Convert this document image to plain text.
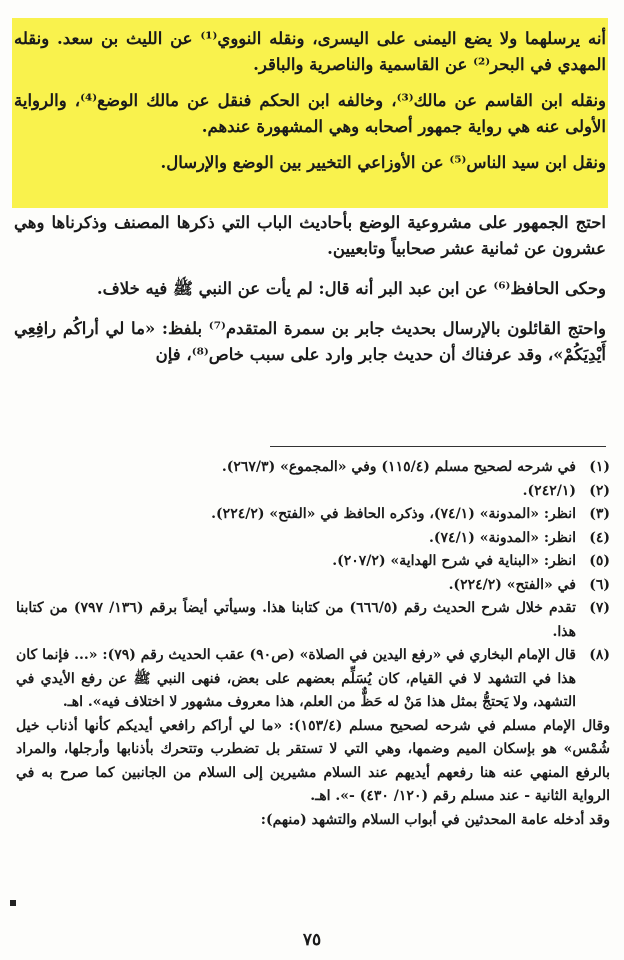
أنه يرسلهما ولا يضع اليمنى على اليسرى، ونقله النووي⁽¹⁾ عن الليث بن سعد. ونقله المهدي في البحر⁽²⁾ عن القاسمية والناصرية والباقر.

ونقله ابن القاسم عن مالك⁽³⁾، وخالفه ابن الحكم فنقل عن مالك الوضع⁽⁴⁾، والرواية الأولى عنه هي رواية جمهور أصحابه وهي المشهورة عندهم.

ونقل ابن سيد الناس⁽⁵⁾ عن الأوزاعي التخيير بين الوضع والإرسال.

احتج الجمهور على مشروعية الوضع بأحاديث الباب التي ذكرها المصنف وذكرناها وهي عشرون عن ثمانية عشر صحابياً وتابعيين.

وحكى الحافظ⁽⁶⁾ عن ابن عبد البر أنه قال: لم يأت عن النبي ﷺ فيه خلاف.

واحتج القائلون بالإرسال بحديث جابر بن سمرة المتقدم⁽⁷⁾ بلفظ: «ما لي أراكُم رافِعِي أَيْدِيَكُمْ»، وقد عرفناك أن حديث جابر وارد على سبب خاص⁽⁸⁾، فإن

(١)
في شرحه لصحيح مسلم (١١٥/٤) وفي «المجموع» (٢٦٧/٣).
(٢)
(٢٤٢/١).
(٣)
انظر: «المدونة» (٧٤/١)، وذكره الحافظ في «الفتح» (٢٢٤/٢).
(٤)
انظر: «المدونة» (٧٤/١).
(٥)
انظر: «البناية في شرح الهداية» (٢٠٧/٢).
(٦)
في «الفتح» (٢٢٤/٢).
(٧)
تقدم خلال شرح الحديث رقم (٦٦٦/٥) من كتابنا هذا. وسيأتي أيضاً برقم (١٣٦/ ٧٩٧) من كتابنا هذا.
(٨)
قال الإمام البخاري في «رفع اليدين في الصلاة» (ص٩٠) عقب الحديث رقم (٧٩): «... فإنما كان هذا في التشهد لا في القيام، كان يُسَلِّم بعضهم على بعض، فنهى النبي ﷺ عن رفع الأيدي في التشهد، ولا يَحتجُّ بمثل هذا مَنْ له حَظٌّ من العلم، هذا معروف مشهور لا اختلاف فيه». اهـ.

وقال الإمام مسلم في شرحه لصحيح مسلم (١٥٣/٤): «ما لي أراكم رافعي أيديكم كأنها أذناب خيل شُمْس» هو بإسكان الميم وضمها، وهي التي لا تستقر بل تضطرب وتتحرك بأذنابها وأرجلها، والمراد بالرفع المنهي عنه هنا رفعهم أيديهم عند السلام مشيرين إلى السلام من الجانبين كما صرح به في الرواية الثانية - عند مسلم رقم (١٢٠/ ٤٣٠) -». اهـ.

وقد أدخله عامة المحدثين في أبواب السلام والتشهد (منهم):

٧٥
